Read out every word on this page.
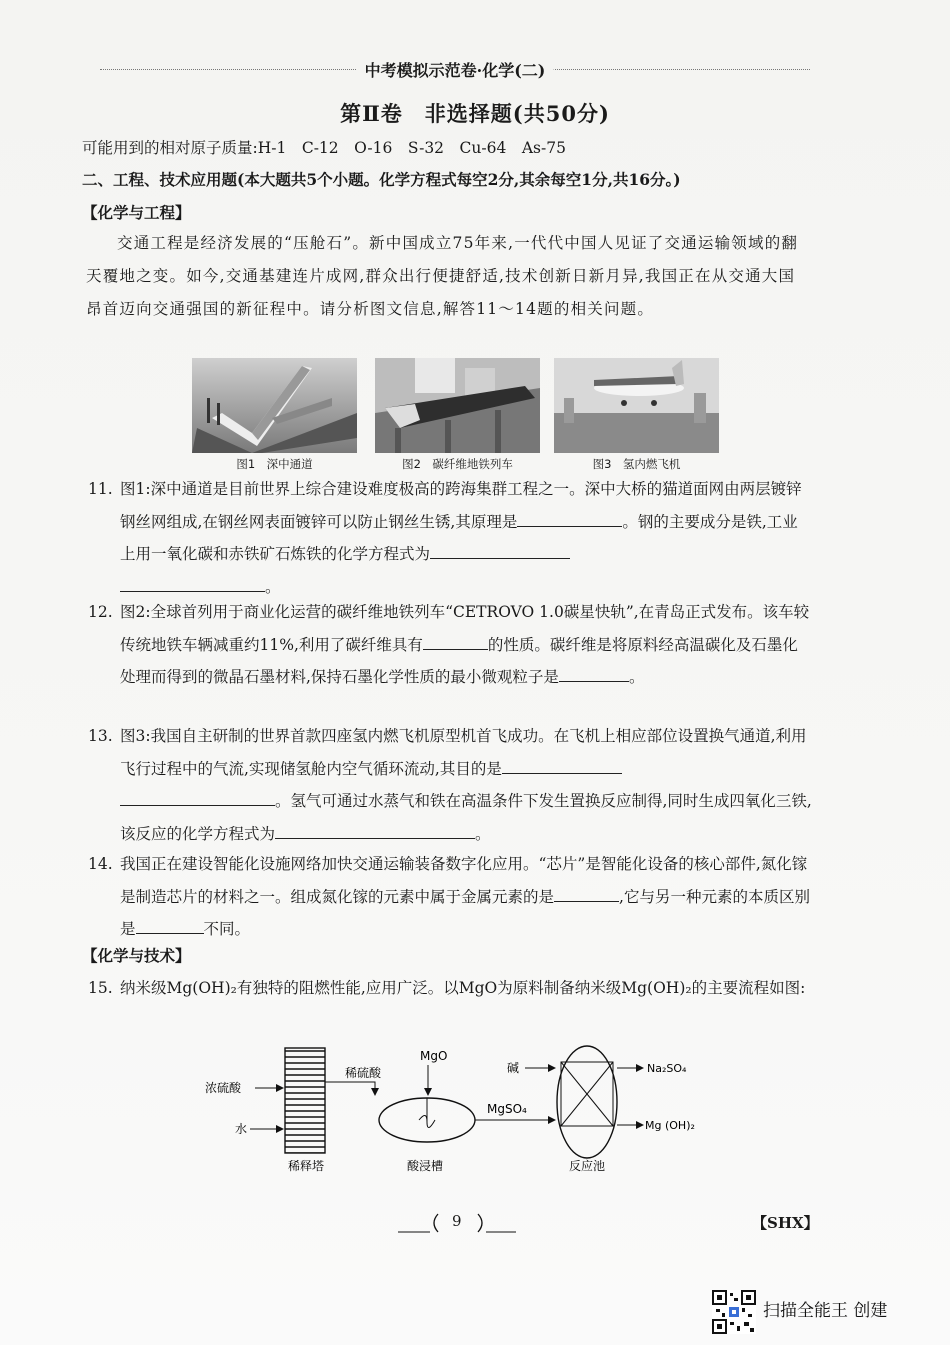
中考模拟示范卷·化学(二)
第Ⅱ卷　非选择题(共50分)
可能用到的相对原子质量:H-1　C-12　O-16　S-32　Cu-64　As-75
二、工程、技术应用题(本大题共5个小题。化学方程式每空2分,其余每空1分,共16分。)
【化学与工程】
交通工程是经济发展的“压舱石”。新中国成立75年来,一代代中国人见证了交通运输领域的翻天覆地之变。如今,交通基建连片成网,群众出行便捷舒适,技术创新日新月异,我国正在从交通大国昂首迈向交通强国的新征程中。请分析图文信息,解答11～14题的相关问题。
图1　深中通道	图2　碳纤维地铁列车	图3　氢内燃飞机
11. 图1:深中通道是目前世界上综合建设难度极高的跨海集群工程之一。深中大桥的猫道面网由两层镀锌钢丝网组成,在钢丝网表面镀锌可以防止钢丝生锈,其原理是	。钢的主要成分是铁,工业上用一氧化碳和赤铁矿石炼铁的化学方程式为
。
12. 图2:全球首列用于商业化运营的碳纤维地铁列车“CETROVO 1.0碳星快轨”,在青岛正式发布。该车较传统地铁车辆减重约11%,利用了碳纤维具有	的性质。碳纤维是将原料经高温碳化及石墨化处理而得到的微晶石墨材料,保持石墨化学性质的最小微观粒子是	。
13. 图3:我国自主研制的世界首款四座氢内燃飞机原型机首飞成功。在飞机上相应部位设置换气通道,利用飞行过程中的气流,实现储氢舱内空气循环流动,其目的是
。氢气可通过水蒸气和铁在高温条件下发生置换反应制得,同时生成四氧化三铁,该反应的化学方程式为	。
14. 我国正在建设智能化设施网络加快交通运输装备数字化应用。“芯片”是智能化设备的核心部件,氮化镓是制造芯片的材料之一。组成氮化镓的元素中属于金属元素的是	,它与另一种元素的本质区别是	不同。
【化学与技术】
15. 纳米级Mg(OH)₂有独特的阻燃性能,应用广泛。以MgO为原料制备纳米级Mg(OH)₂的主要流程如图:
浓硫酸
水
稀释塔
稀硫酸
MgO
酸浸槽
MgSO₄
碱
反应池
Na₂SO₄
Mg (OH)₂
9	【SHX】
扫描全能王 创建
